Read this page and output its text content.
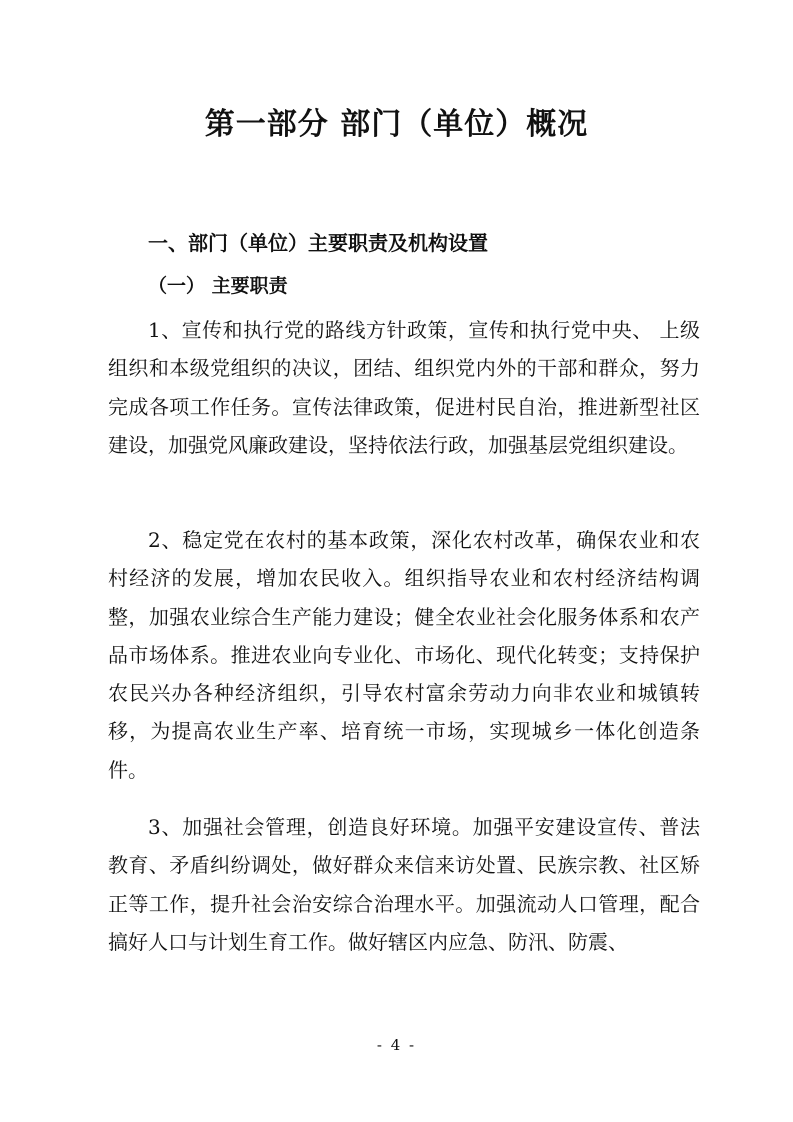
第一部分 部门（单位）概况
一、部门（单位）主要职责及机构设置
（一） 主要职责

1、宣传和执行党的路线方针政策，宣传和执行党中央、 上级组织和本级党组织的决议，团结、组织党内外的干部和群众，努力完成各项工作任务。宣传法律政策，促进村民自治，推进新型社区建设，加强党风廉政建设，坚持依法行政，加强基层党组织建设。

2、稳定党在农村的基本政策，深化农村改革，确保农业和农村经济的发展，增加农民收入。组织指导农业和农村经济结构调整，加强农业综合生产能力建设；健全农业社会化服务体系和农产品市场体系。推进农业向专业化、市场化、现代化转变；支持保护农民兴办各种经济组织，引导农村富余劳动力向非农业和城镇转移，为提高农业生产率、培育统一市场，实现城乡一体化创造条件。

3、加强社会管理，创造良好环境。加强平安建设宣传、普法教育、矛盾纠纷调处，做好群众来信来访处置、民族宗教、社区矫正等工作，提升社会治安综合治理水平。加强流动人口管理，配合搞好人口与计划生育工作。做好辖区内应急、防汛、防震、

- 4 -
